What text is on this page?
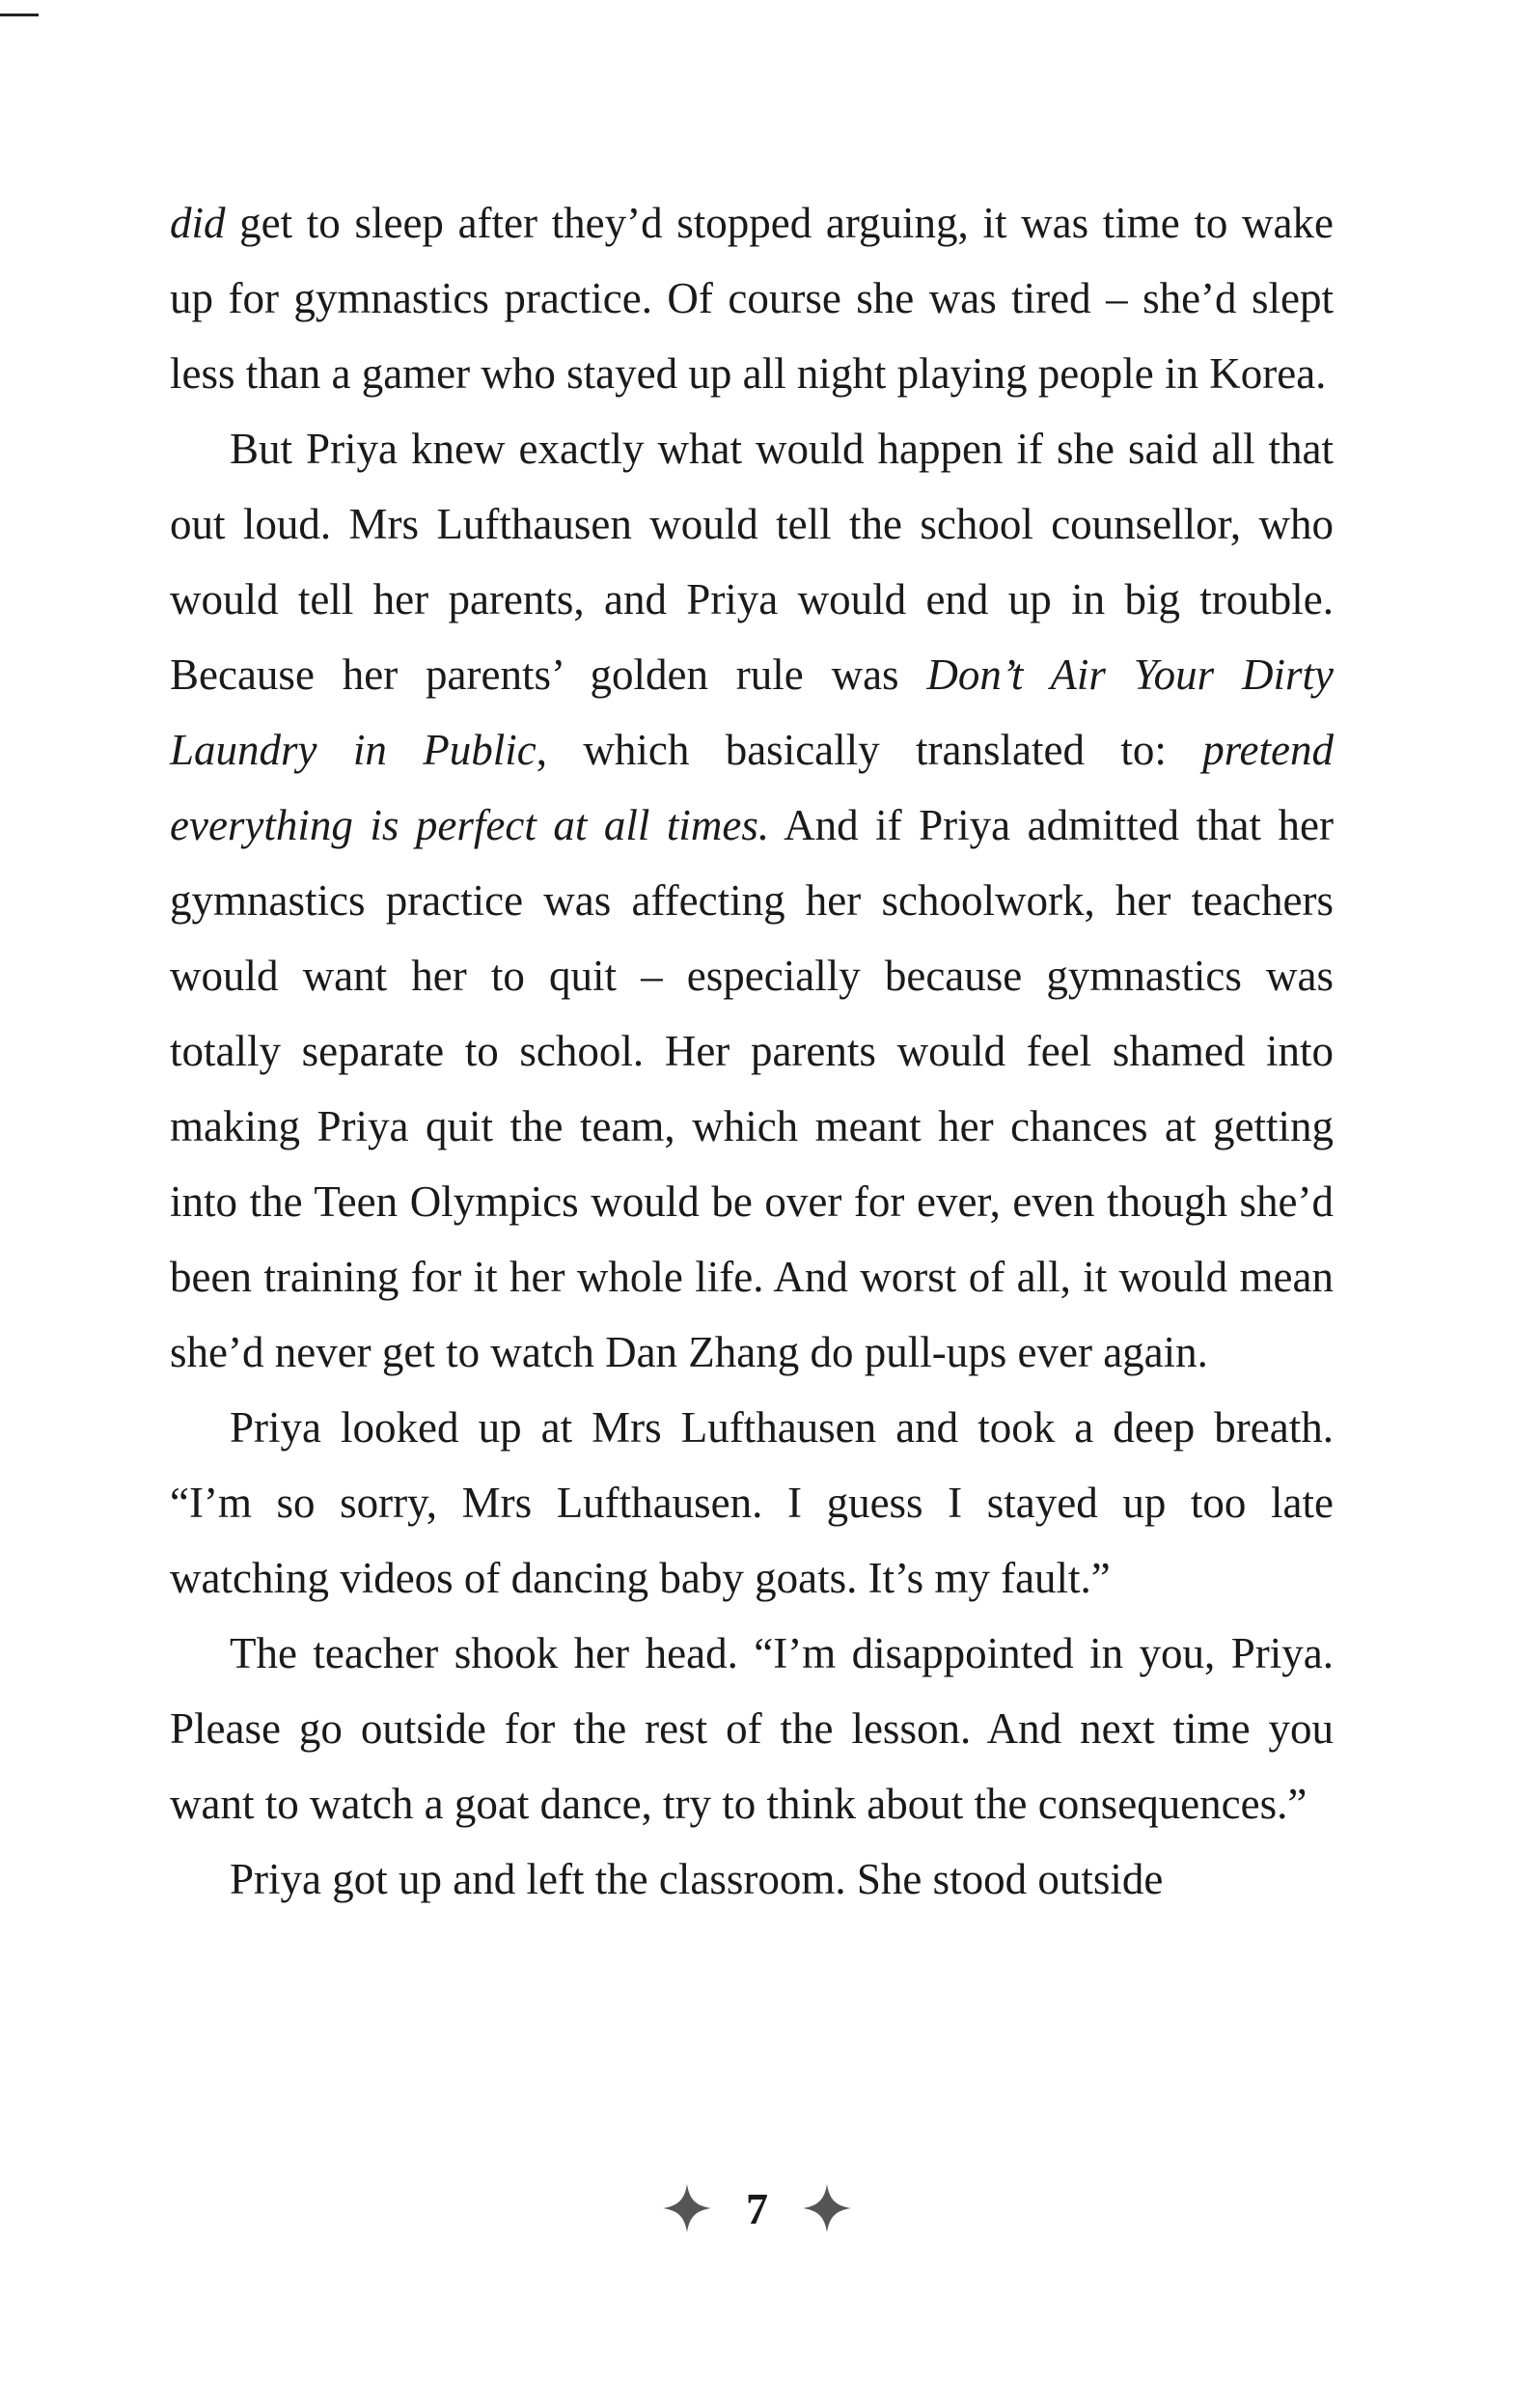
did get to sleep after they’d stopped arguing, it was time to wake up for gymnastics practice. Of course she was tired – she’d slept less than a gamer who stayed up all night playing people in Korea.

But Priya knew exactly what would happen if she said all that out loud. Mrs Lufthausen would tell the school counsellor, who would tell her parents, and Priya would end up in big trouble. Because her parents’ golden rule was Don’t Air Your Dirty Laundry in Public, which basically translated to: pretend everything is perfect at all times. And if Priya admitted that her gymnastics practice was affecting her schoolwork, her teachers would want her to quit – especially because gymnastics was totally separate to school. Her parents would feel shamed into making Priya quit the team, which meant her chances at getting into the Teen Olympics would be over for ever, even though she’d been training for it her whole life. And worst of all, it would mean she’d never get to watch Dan Zhang do pull-ups ever again.

Priya looked up at Mrs Lufthausen and took a deep breath. “I’m so sorry, Mrs Lufthausen. I guess I stayed up too late watching videos of dancing baby goats. It’s my fault.”

The teacher shook her head. “I’m disappointed in you, Priya. Please go outside for the rest of the lesson. And next time you want to watch a goat dance, try to think about the consequences.”

Priya got up and left the classroom. She stood outside

7
